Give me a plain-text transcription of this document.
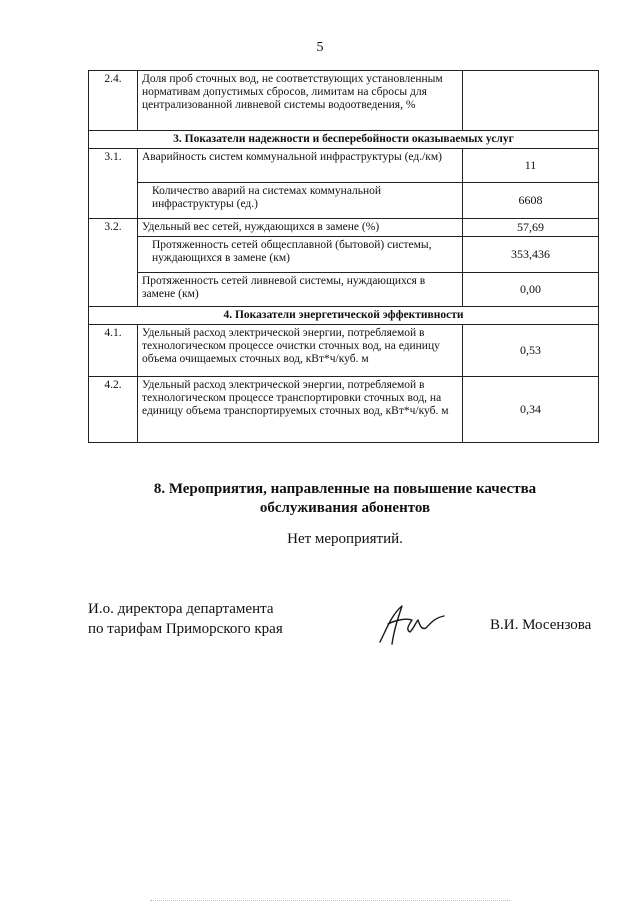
5
2.4.	Доля проб сточных вод, не соответствующих установленным нормативам допустимых сбросов, лимитам на сбросы для централизованной ливневой системы водоотведения, %	
3. Показатели надежности и бесперебойности оказываемых услуг		
3.1.	Аварийность систем коммунальной инфраструктуры (ед./км)	11
	Количество аварий на системах коммунальной инфраструктуры (ед.)	6608
3.2.	Удельный вес сетей, нуждающихся в замене (%)	57,69
	Протяженность сетей общесплавной (бытовой) системы, нуждающихся в замене (км)	353,436
	Протяженность сетей ливневой системы, нуждающихся в замене (км)	0,00
4. Показатели энергетической эффективности		
4.1.	Удельный расход электрической энергии, потребляемой в технологическом процессе очистки сточных вод, на единицу объема очищаемых сточных вод, кВт*ч/куб. м	0,53
4.2.	Удельный расход электрической энергии, потребляемой в технологическом процессе транспортировки сточных вод, на единицу объема транспортируемых сточных вод, кВт*ч/куб. м	0,34
8. Мероприятия, направленные на повышение качества
обслуживания абонентов
Нет мероприятий.
И.о. директора департамента
по тарифам Приморского края	В.И. Мосензова
